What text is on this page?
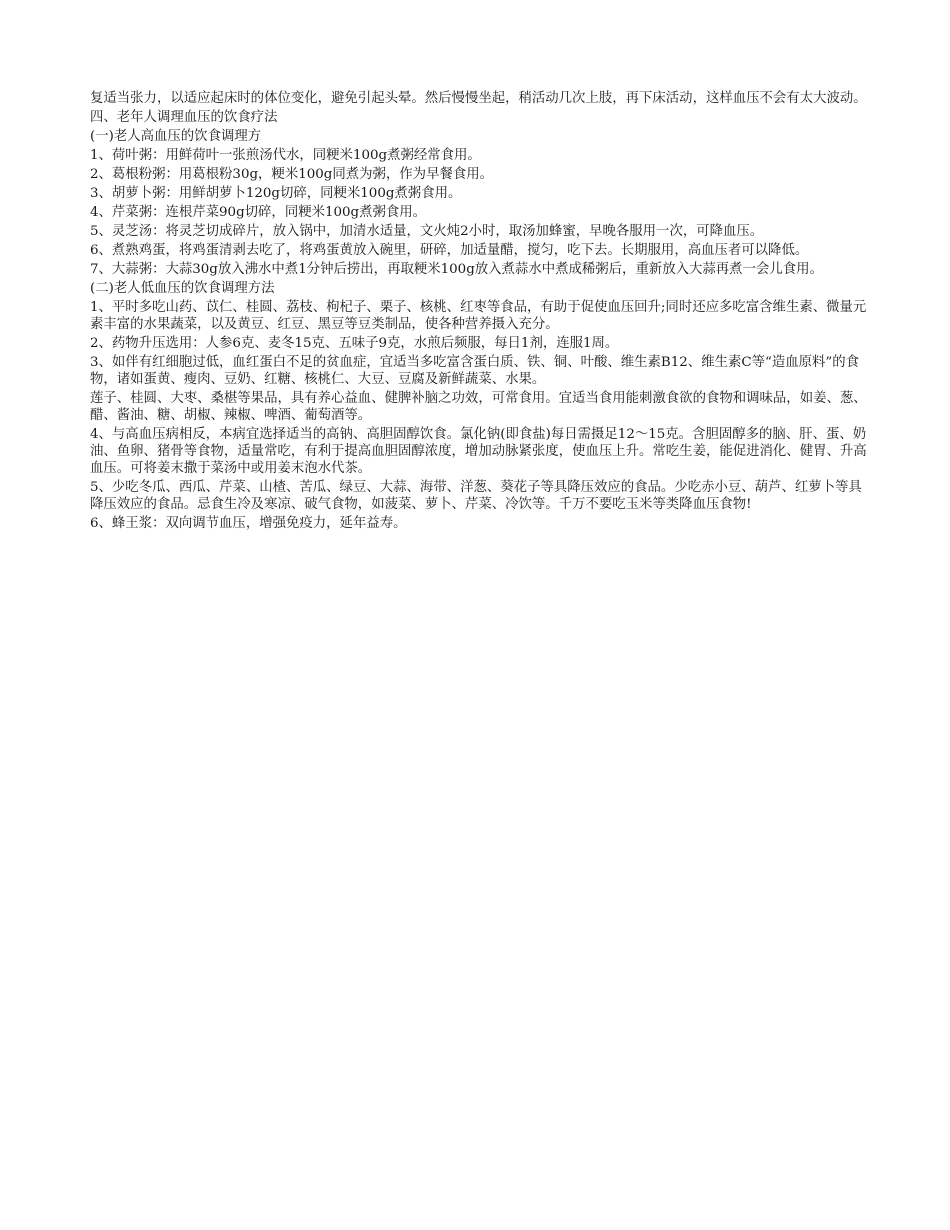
复适当张力，以适应起床时的体位变化，避免引起头晕。然后慢慢坐起，稍活动几次上肢，再下床活动，这样血压不会有太大波动。

四、老年人调理血压的饮食疗法

(一)老人高血压的饮食调理方

1、荷叶粥：用鲜荷叶一张煎汤代水，同粳米100g煮粥经常食用。

2、葛根粉粥：用葛根粉30g，粳米100g同煮为粥，作为早餐食用。

3、胡萝卜粥：用鲜胡萝卜120g切碎，同粳米100g煮粥食用。

4、芹菜粥：连根芹菜90g切碎，同粳米100g煮粥食用。

5、灵芝汤：将灵芝切成碎片，放入锅中，加清水适量，文火炖2小时，取汤加蜂蜜，早晚各服用一次，可降血压。

6、煮熟鸡蛋，将鸡蛋清剥去吃了，将鸡蛋黄放入碗里，研碎，加适量醋，搅匀，吃下去。长期服用，高血压者可以降低。

7、大蒜粥：大蒜30g放入沸水中煮1分钟后捞出，再取粳米100g放入煮蒜水中煮成稀粥后，重新放入大蒜再煮一会儿食用。

(二)老人低血压的饮食调理方法

1、平时多吃山药、苡仁、桂圆、荔枝、枸杞子、栗子、核桃、红枣等食品，有助于促使血压回升;同时还应多吃富含维生素、微量元素丰富的水果蔬菜，以及黄豆、红豆、黑豆等豆类制品，使各种营养摄入充分。

2、药物升压选用：人参6克、麦冬15克、五味子9克，水煎后频服，每日1剂，连服1周。

3、如伴有红细胞过低，血红蛋白不足的贫血症，宜适当多吃富含蛋白质、铁、铜、叶酸、维生素B12、维生素C等“造血原料”的食物，诸如蛋黄、瘦肉、豆奶、红糖、核桃仁、大豆、豆腐及新鲜蔬菜、水果。

莲子、桂圆、大枣、桑椹等果品，具有养心益血、健脾补脑之功效，可常食用。宜适当食用能刺激食欲的食物和调味品，如姜、葱、醋、酱油、糖、胡椒、辣椒、啤酒、葡萄酒等。

4、与高血压病相反，本病宜选择适当的高钠、高胆固醇饮食。氯化钠(即食盐)每日需摄足12～15克。含胆固醇多的脑、肝、蛋、奶油、鱼卵、猪骨等食物，适量常吃，有利于提高血胆固醇浓度，增加动脉紧张度，使血压上升。常吃生姜，能促进消化、健胃、升高血压。可将姜末撒于菜汤中或用姜末泡水代茶。

5、少吃冬瓜、西瓜、芹菜、山楂、苦瓜、绿豆、大蒜、海带、洋葱、葵花子等具降压效应的食品。少吃赤小豆、葫芦、红萝卜等具降压效应的食品。忌食生冷及寒凉、破气食物，如菠菜、萝卜、芹菜、冷饮等。千万不要吃玉米等类降血压食物!

6、蜂王浆：双向调节血压，增强免疫力，延年益寿。
